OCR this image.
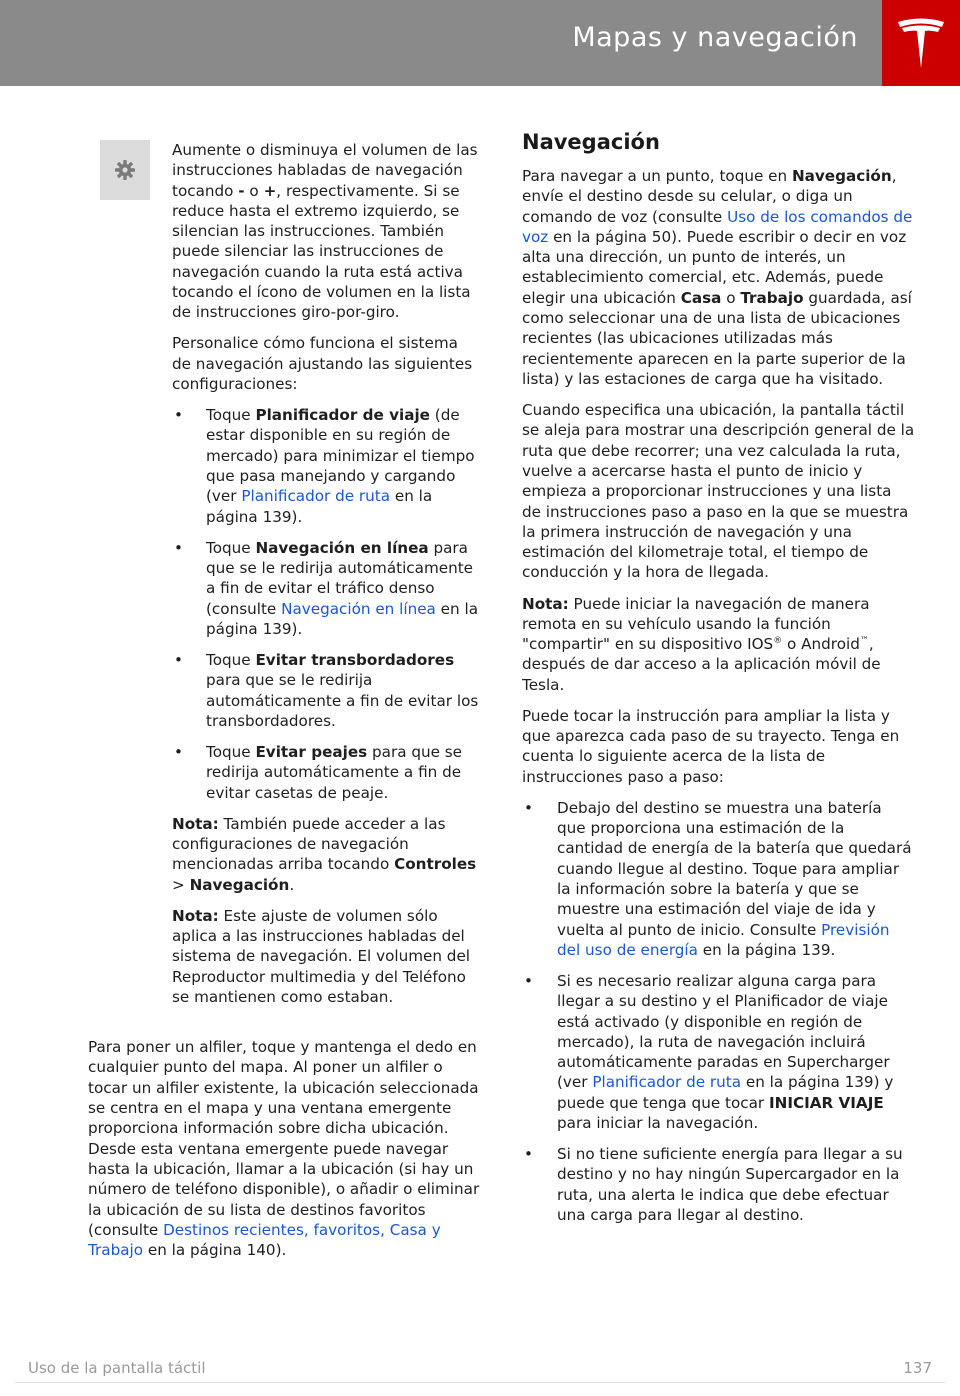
Mapas y navegación

Aumente o disminuya el volumen de las instrucciones habladas de navegación tocando - o +, respectivamente. Si se reduce hasta el extremo izquierdo, se silencian las instrucciones. También puede silenciar las instrucciones de navegación cuando la ruta está activa tocando el ícono de volumen en la lista de instrucciones giro-por-giro.

Personalice cómo funciona el sistema de navegación ajustando las siguientes configuraciones:

• Toque Planificador de viaje (de estar disponible en su región de mercado) para minimizar el tiempo que pasa manejando y cargando (ver Planificador de ruta en la página 139).
• Toque Navegación en línea para que se le redirija automáticamente a fin de evitar el tráfico denso (consulte Navegación en línea en la página 139).
• Toque Evitar transbordadores para que se le redirija automáticamente a fin de evitar los transbordadores.
• Toque Evitar peajes para que se redirija automáticamente a fin de evitar casetas de peaje.

Nota: También puede acceder a las configuraciones de navegación mencionadas arriba tocando Controles > Navegación.

Nota: Este ajuste de volumen sólo aplica a las instrucciones habladas del sistema de navegación. El volumen del Reproductor multimedia y del Teléfono se mantienen como estaban.

Para poner un alfiler, toque y mantenga el dedo en cualquier punto del mapa. Al poner un alfiler o tocar un alfiler existente, la ubicación seleccionada se centra en el mapa y una ventana emergente proporciona información sobre dicha ubicación. Desde esta ventana emergente puede navegar hasta la ubicación, llamar a la ubicación (si hay un número de teléfono disponible), o añadir o eliminar la ubicación de su lista de destinos favoritos (consulte Destinos recientes, favoritos, Casa y Trabajo en la página 140).

Navegación

Para navegar a un punto, toque en Navegación, envíe el destino desde su celular, o diga un comando de voz (consulte Uso de los comandos de voz en la página 50). Puede escribir o decir en voz alta una dirección, un punto de interés, un establecimiento comercial, etc. Además, puede elegir una ubicación Casa o Trabajo guardada, así como seleccionar una de una lista de ubicaciones recientes (las ubicaciones utilizadas más recientemente aparecen en la parte superior de la lista) y las estaciones de carga que ha visitado.

Cuando especifica una ubicación, la pantalla táctil se aleja para mostrar una descripción general de la ruta que debe recorrer; una vez calculada la ruta, vuelve a acercarse hasta el punto de inicio y empieza a proporcionar instrucciones y una lista de instrucciones paso a paso en la que se muestra la primera instrucción de navegación y una estimación del kilometraje total, el tiempo de conducción y la hora de llegada.

Nota: Puede iniciar la navegación de manera remota en su vehículo usando la función "compartir" en su dispositivo IOS® o Android™, después de dar acceso a la aplicación móvil de Tesla.

Puede tocar la instrucción para ampliar la lista y que aparezca cada paso de su trayecto. Tenga en cuenta lo siguiente acerca de la lista de instrucciones paso a paso:

• Debajo del destino se muestra una batería que proporciona una estimación de la cantidad de energía de la batería que quedará cuando llegue al destino. Toque para ampliar la información sobre la batería y que se muestre una estimación del viaje de ida y vuelta al punto de inicio. Consulte Previsión del uso de energía en la página 139.
• Si es necesario realizar alguna carga para llegar a su destino y el Planificador de viaje está activado (y disponible en región de mercado), la ruta de navegación incluirá automáticamente paradas en Supercharger (ver Planificador de ruta en la página 139) y puede que tenga que tocar INICIAR VIAJE para iniciar la navegación.
• Si no tiene suficiente energía para llegar a su destino y no hay ningún Supercargador en la ruta, una alerta le indica que debe efectuar una carga para llegar al destino.
Uso de la pantalla táctil	137
